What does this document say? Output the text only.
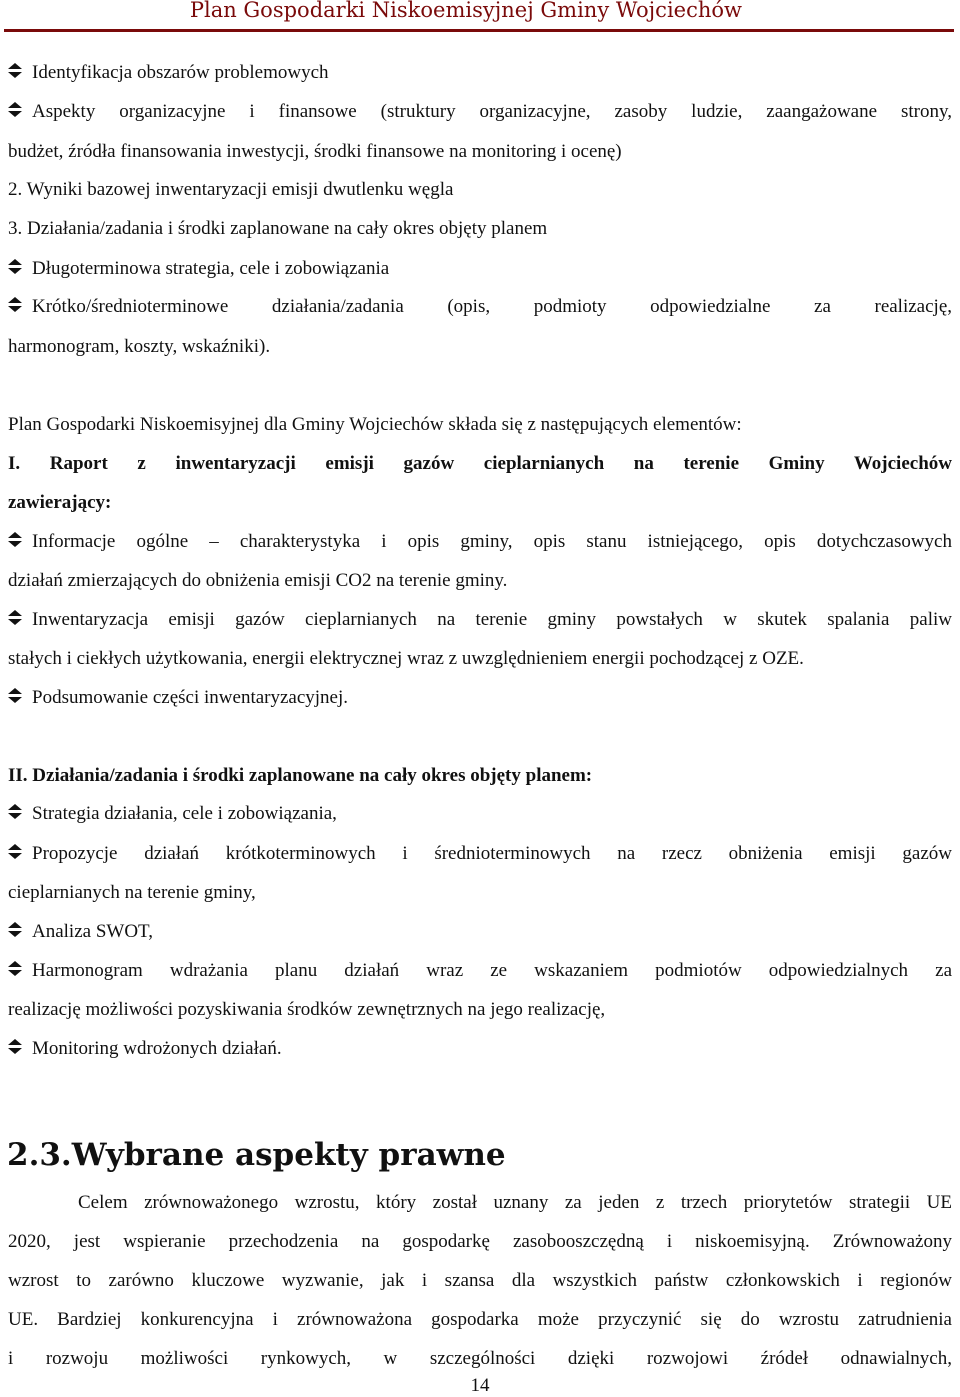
Plan Gospodarki Niskoemisyjnej Gminy Wojciechów
Identyfikacja obszarów problemowych
Aspekty organizacyjne i finansowe (struktury organizacyjne, zasoby ludzie, zaangażowane strony,
budżet, źródła finansowania inwestycji, środki finansowe na monitoring i ocenę)
2. Wyniki bazowej inwentaryzacji emisji dwutlenku węgla
3. Działania/zadania i środki zaplanowane na cały okres objęty planem
Długoterminowa strategia, cele i zobowiązania
Krótko/średnioterminowe działania/zadania (opis, podmioty odpowiedzialne za realizację,
harmonogram, koszty, wskaźniki).
Plan Gospodarki Niskoemisyjnej dla Gminy Wojciechów składa się z następujących elementów:
I. Raport z inwentaryzacji emisji gazów cieplarnianych na terenie Gminy Wojciechów
zawierający:
Informacje ogólne – charakterystyka i opis gminy, opis stanu istniejącego, opis dotychczasowych
działań zmierzających do obniżenia emisji CO2 na terenie gminy.
Inwentaryzacja emisji gazów cieplarnianych na terenie gminy powstałych w skutek spalania paliw
stałych i ciekłych użytkowania, energii elektrycznej wraz z uwzględnieniem energii pochodzącej z OZE.
Podsumowanie części inwentaryzacyjnej.
II. Działania/zadania i środki zaplanowane na cały okres objęty planem:
Strategia działania, cele i zobowiązania,
Propozycje działań krótkoterminowych i średnioterminowych na rzecz obniżenia emisji gazów
cieplarnianych na terenie gminy,
Analiza SWOT,
Harmonogram wdrażania planu działań wraz ze wskazaniem podmiotów odpowiedzialnych za
realizację możliwości pozyskiwania środków zewnętrznych na jego realizację,
Monitoring wdrożonych działań.
2.3.Wybrane aspekty prawne
Celem zrównoważonego wzrostu, który został uznany za jeden z trzech priorytetów strategii UE
2020, jest wspieranie przechodzenia na gospodarkę zasobooszczędną i niskoemisyjną. Zrównoważony
wzrost to zarówno kluczowe wyzwanie, jak i szansa dla wszystkich państw członkowskich i regionów
UE. Bardziej konkurencyjna i zrównoważona gospodarka może przyczynić się do wzrostu zatrudnienia
i rozwoju możliwości rynkowych, w szczególności dzięki rozwojowi źródeł odnawialnych,
14
